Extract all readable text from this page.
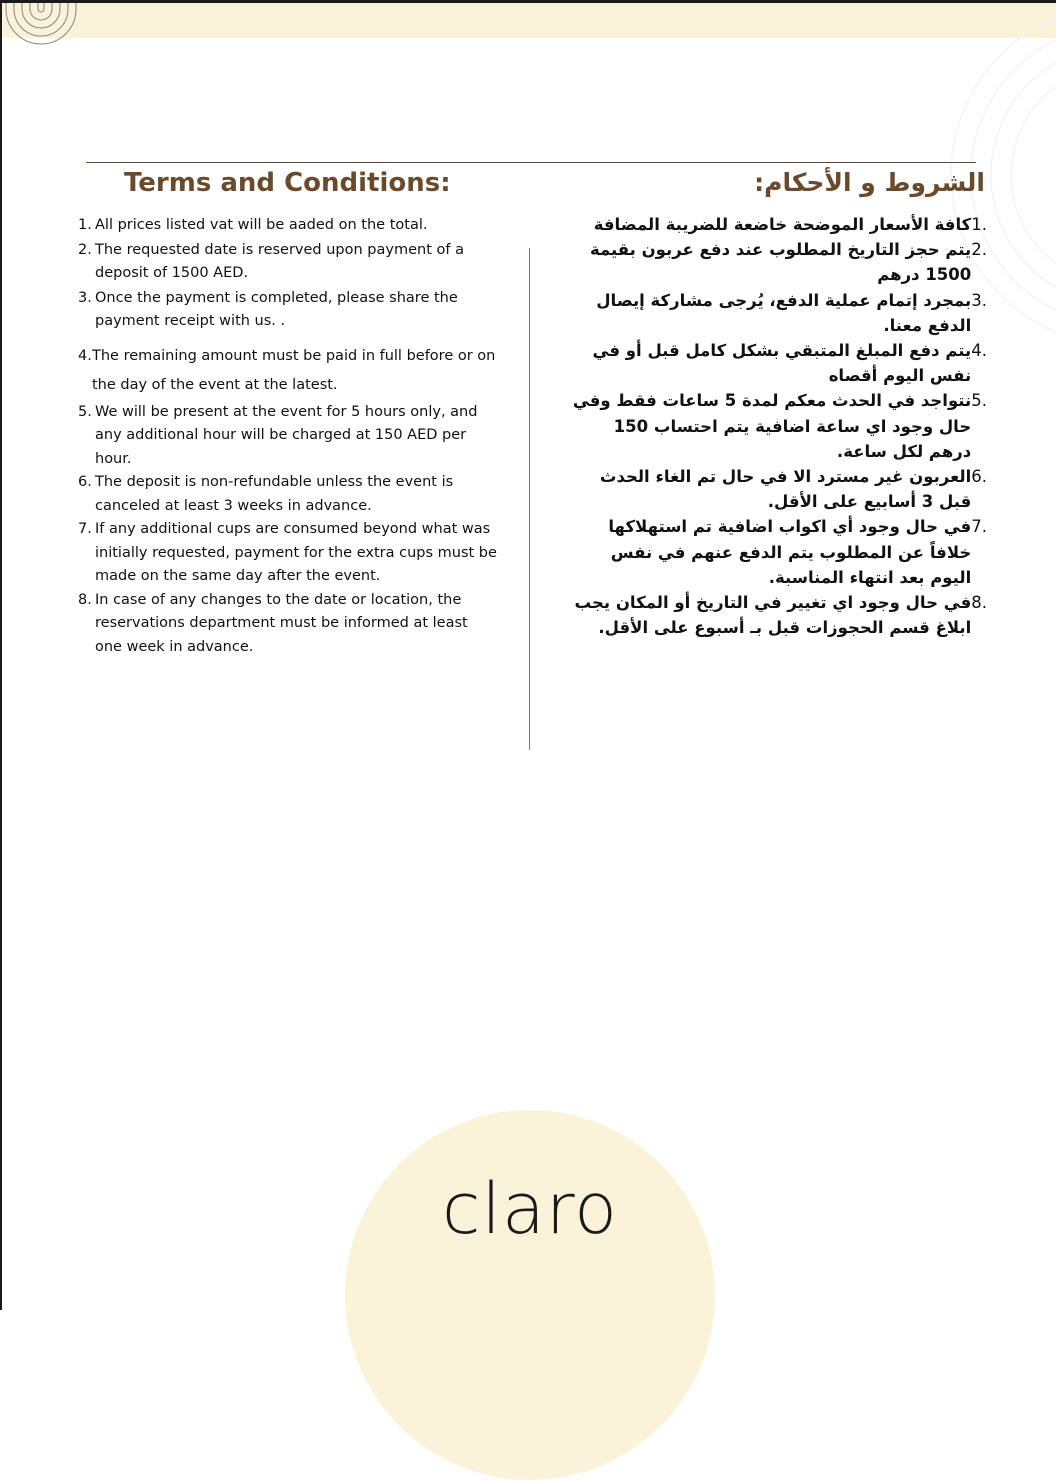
Terms and Conditions:	الشروط و الأحكام:
1. All prices listed vat will be aaded on the total.
2. The requested date is reserved upon payment of a deposit of 1500 AED.
3. Once the payment is completed, please share the payment receipt with us. .
4. The remaining amount must be paid in full before or on the day of the event at the latest.
5. We will be present at the event for 5 hours only, and any additional hour will be charged at 150 AED per hour.
6. The deposit is non-refundable unless the event is canceled at least 3 weeks in advance.
7. If any additional cups are consumed beyond what was initially requested, payment for the extra cups must be made on the same day after the event.
8. In case of any changes to the date or location, the reservations department must be informed at least one week in advance.
.1
كافة الأسعار الموضحة خاضعة للضريبة المضافة
.2
يتم حجز التاريخ المطلوب عند دفع عربون بقيمة 1500 درهم
.3
بمجرد إتمام عملية الدفع، يُرجى مشاركة إيصال الدفع معنا.
.4
يتم دفع المبلغ المتبقي بشكل كامل قبل أو في نفس اليوم أقصاه
.5
نتواجد في الحدث معكم لمدة 5 ساعات فقط وفي حال وجود اي ساعة اضافية يتم احتساب 150 درهم لكل ساعة.
.6
العربون غير مسترد الا في حال تم الغاء الحدث قبل 3 أسابيع على الأقل.
.7
في حال وجود أي اكواب اضافية تم استهلاكها خلافاً عن المطلوب يتم الدفع عنهم في نفس اليوم بعد انتهاء المناسبة.
.8
في حال وجود اي تغيير في التاريخ أو المكان يجب ابلاغ قسم الحجوزات قبل بـ أسبوع على الأقل.
claro
